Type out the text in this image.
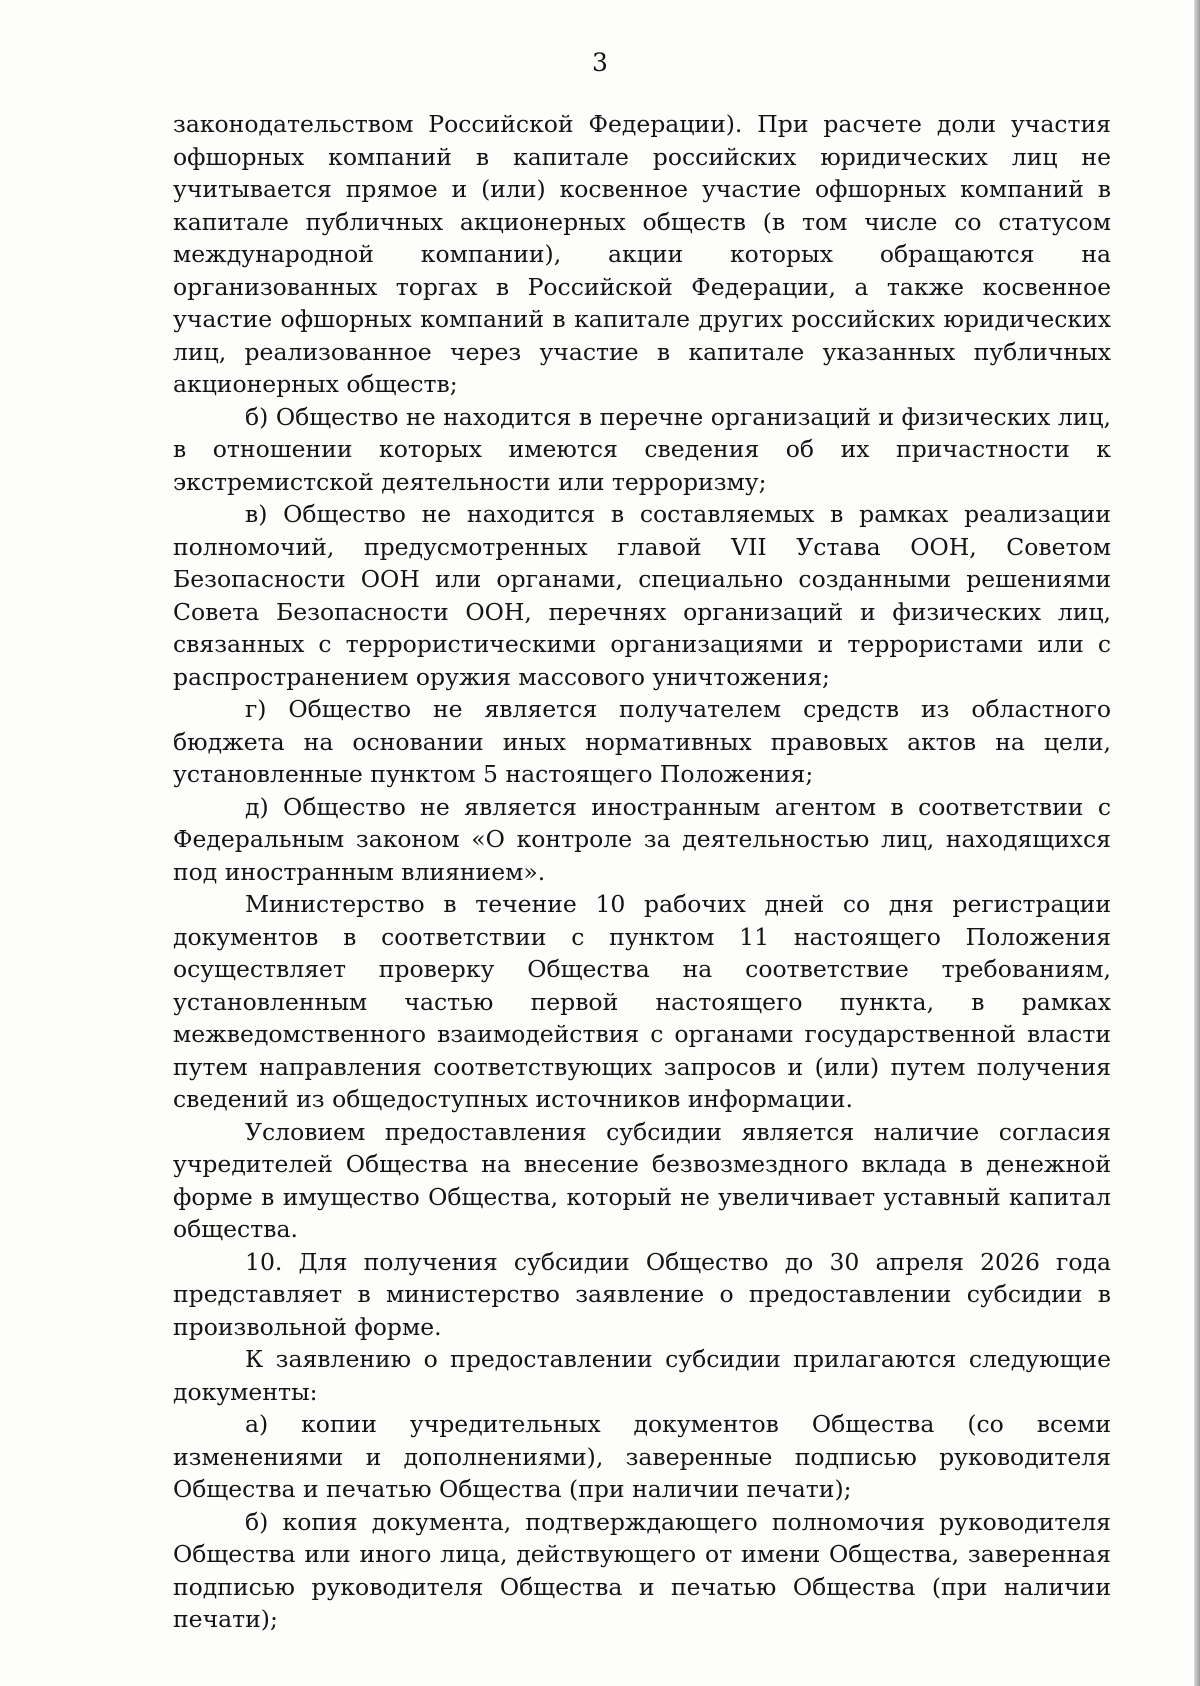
3

законодательством Российской Федерации). При расчете доли участия офшорных компаний в капитале российских юридических лиц не учитывается прямое и (или) косвенное участие офшорных компаний в капитале публичных акционерных обществ (в том числе со статусом международной компании), акции которых обращаются на организованных торгах в Российской Федерации, а также косвенное участие офшорных компаний в капитале других российских юридических лиц, реализованное через участие в капитале указанных публичных акционерных обществ;

б) Общество не находится в перечне организаций и физических лиц, в отношении которых имеются сведения об их причастности к экстремистской деятельности или терроризму;

в) Общество не находится в составляемых в рамках реализации полномочий, предусмотренных главой VII Устава ООН, Советом Безопасности ООН или органами, специально созданными решениями Совета Безопасности ООН, перечнях организаций и физических лиц, связанных с террористическими организациями и террористами или с распространением оружия массового уничтожения;

г) Общество не является получателем средств из областного бюджета на основании иных нормативных правовых актов на цели, установленные пунктом 5 настоящего Положения;

д) Общество не является иностранным агентом в соответствии с Федеральным законом «О контроле за деятельностью лиц, находящихся под иностранным влиянием».

Министерство в течение 10 рабочих дней со дня регистрации документов в соответствии с пунктом 11 настоящего Положения осуществляет проверку Общества на соответствие требованиям, установленным частью первой настоящего пункта, в рамках межведомственного взаимодействия с органами государственной власти путем направления соответствующих запросов и (или) путем получения сведений из общедоступных источников информации.

Условием предоставления субсидии является наличие согласия учредителей Общества на внесение безвозмездного вклада в денежной форме в имущество Общества, который не увеличивает уставный капитал общества.

10. Для получения субсидии Общество до 30 апреля 2026 года представляет в министерство заявление о предоставлении субсидии в произвольной форме.

К заявлению о предоставлении субсидии прилагаются следующие документы:

а) копии учредительных документов Общества (со всеми изменениями и дополнениями), заверенные подписью руководителя Общества и печатью Общества (при наличии печати);

б) копия документа, подтверждающего полномочия руководителя Общества или иного лица, действующего от имени Общества, заверенная подписью руководителя Общества и печатью Общества (при наличии печати);
